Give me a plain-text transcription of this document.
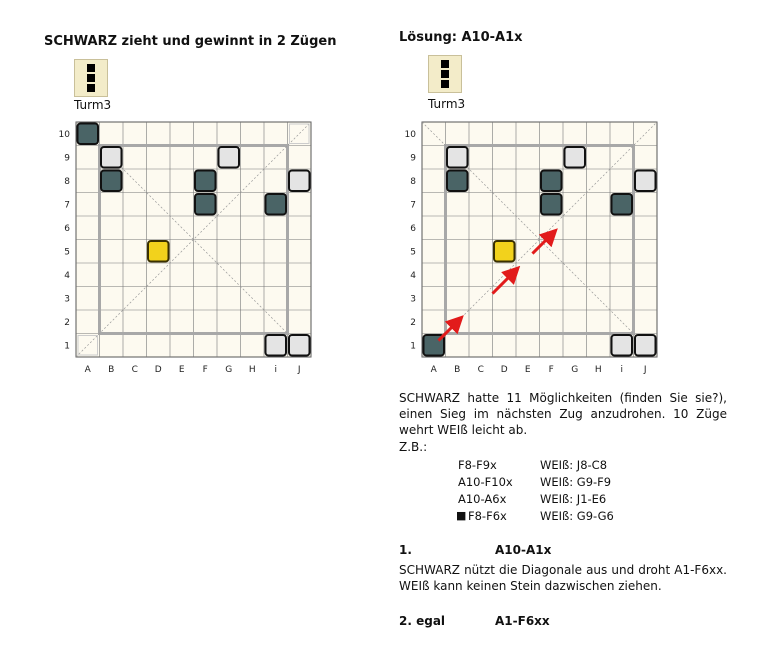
SCHWARZ zieht und gewinnt in 2 Zügen
Turm3
10
9
8
7
6
5
4
3
2
1
A B C D E F G H i J
Lösung: A10-A1x
Turm3
10
9
8
7
6
5
4
3
2
1
A B C D E F G H i J
SCHWARZ hatte 11 Möglichkeiten (finden Sie sie?), einen Sieg im nächsten Zug anzudrohen. 10 Züge wehrt WEIß leicht ab.
Z.B.:
F8-F9x	WEIß: J8-C8
A10-F10x WEIß: G9-F9
A10-A6x	WEIß: J1-E6
■ F8-F6x	WEIß: G9-G6
1.	A10-A1x
SCHWARZ nützt die Diagonale aus und droht A1-F6xx. WEIß kann keinen Stein dazwischen ziehen.
2. egal	A1-F6xx
